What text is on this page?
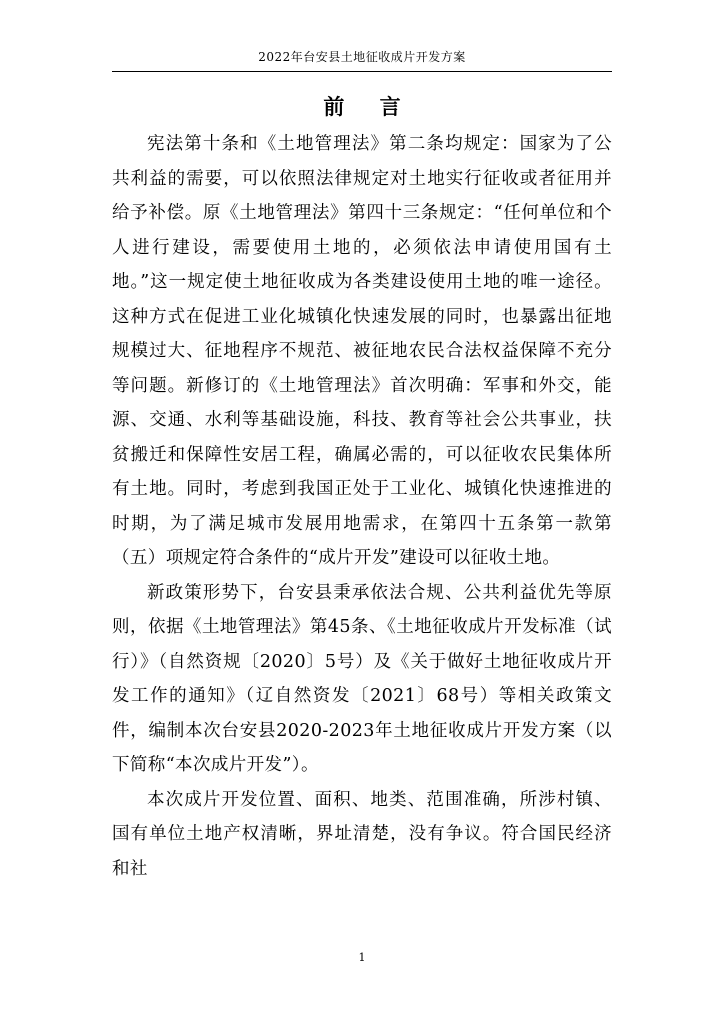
2022年台安县土地征收成片开发方案
前 言

宪法第十条和《土地管理法》第二条均规定：国家为了公共利益的需要，可以依照法律规定对土地实行征收或者征用并给予补偿。原《土地管理法》第四十三条规定：“任何单位和个人进行建设，需要使用土地的，必须依法申请使用国有土地。”这一规定使土地征收成为各类建设使用土地的唯一途径。这种方式在促进工业化城镇化快速发展的同时，也暴露出征地规模过大、征地程序不规范、被征地农民合法权益保障不充分等问题。新修订的《土地管理法》首次明确：军事和外交，能源、交通、水利等基础设施，科技、教育等社会公共事业，扶贫搬迁和保障性安居工程，确属必需的，可以征收农民集体所有土地。同时，考虑到我国正处于工业化、城镇化快速推进的时期，为了满足城市发展用地需求，在第四十五条第一款第（五）项规定符合条件的“成片开发”建设可以征收土地。

新政策形势下，台安县秉承依法合规、公共利益优先等原则，依据《土地管理法》第45条、《土地征收成片开发标准（试行）》（自然资规〔2020〕5号）及《关于做好土地征收成片开发工作的通知》（辽自然资发〔2021〕68号）等相关政策文件，编制本次台安县2020-2023年土地征收成片开发方案（以下简称“本次成片开发”）。

本次成片开发位置、面积、地类、范围准确，所涉村镇、国有单位土地产权清晰，界址清楚，没有争议。符合国民经济和社

1
